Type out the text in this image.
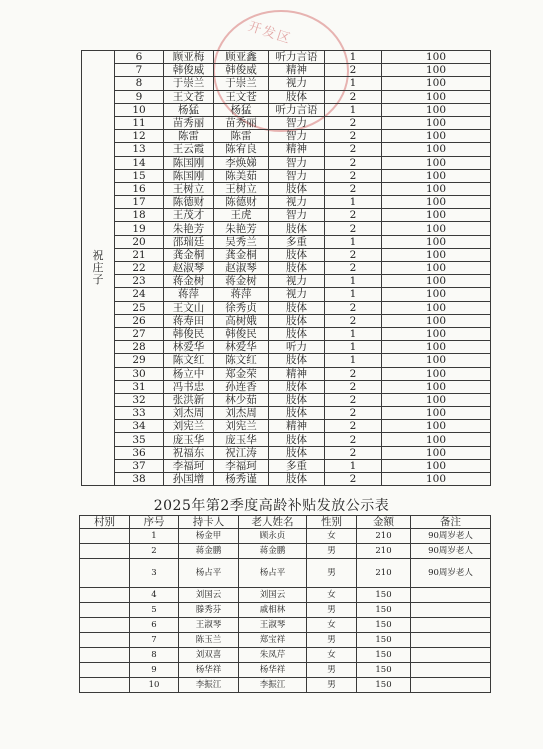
开发区
祝
庄
子	6	顾亚梅	顾亚鑫	听力言语	1	100
	7	韩俊威	韩俊威	精神	2	100
	8	于崇兰	于崇兰	视力	1	100
	9	王文苍	王文苍	肢体	2	100
	10	杨猛	杨猛	听力言语	1	100
	11	苗秀丽	苗秀丽	智力	2	100
	12	陈雷	陈雷	智力	2	100
	13	王云霞	陈宥良	精神	2	100
	14	陈国刚	李焕娣	智力	2	100
	15	陈国刚	陈美茹	智力	2	100
	16	王树立	王树立	肢体	2	100
	17	陈德财	陈德财	视力	1	100
	18	王茂才	王虎	智力	2	100
	19	朱艳芳	朱艳芳	肢体	2	100
	20	邵瑞廷	吴秀兰	多重	1	100
	21	龚金桐	龚金桐	肢体	2	100
	22	赵淑琴	赵淑琴	肢体	2	100
	23	蒋金树	蒋金树	视力	1	100
	24	蒋萍	蒋萍	视力	1	100
	25	王文山	徐秀贞	肢体	2	100
	26	蒋寿田	高树娥	肢体	2	100
	27	韩俊民	韩俊民	肢体	1	100
	28	林爱华	林爱华	听力	1	100
	29	陈文红	陈文红	肢体	1	100
	30	杨立中	郑金荣	精神	2	100
	31	冯书忠	孙连香	肢体	2	100
	32	张洪新	林少茹	肢体	2	100
	33	刘杰周	刘杰周	肢体	2	100
	34	刘宪兰	刘宪兰	精神	2	100
	35	庞玉华	庞玉华	肢体	2	100
	36	祝福东	祝江涛	肢体	2	100
	37	李福珂	李福珂	多重	1	100
	38	孙国增	杨秀谨	肢体	2	100
2025年第2季度高龄补贴发放公示表
村别	序号	持卡人	老人姓名	性别	金额	备注
	1	杨金甲	顾永贞	女	210	90周岁老人
	2	蒋金鹏	蒋金鹏	男	210	90周岁老人
	3	杨占平	杨占平	男	210	90周岁老人
	4	刘国云	刘国云	女	150	
	5	滕秀芬	戚相林	男	150	
	6	王淑琴	王淑琴	女	150	
	7	陈玉兰	郑宝祥	男	150	
	8	刘双喜	朱凤芹	女	150	
	9	杨华祥	杨华祥	男	150	
	10	李振江	李振江	男	150	
